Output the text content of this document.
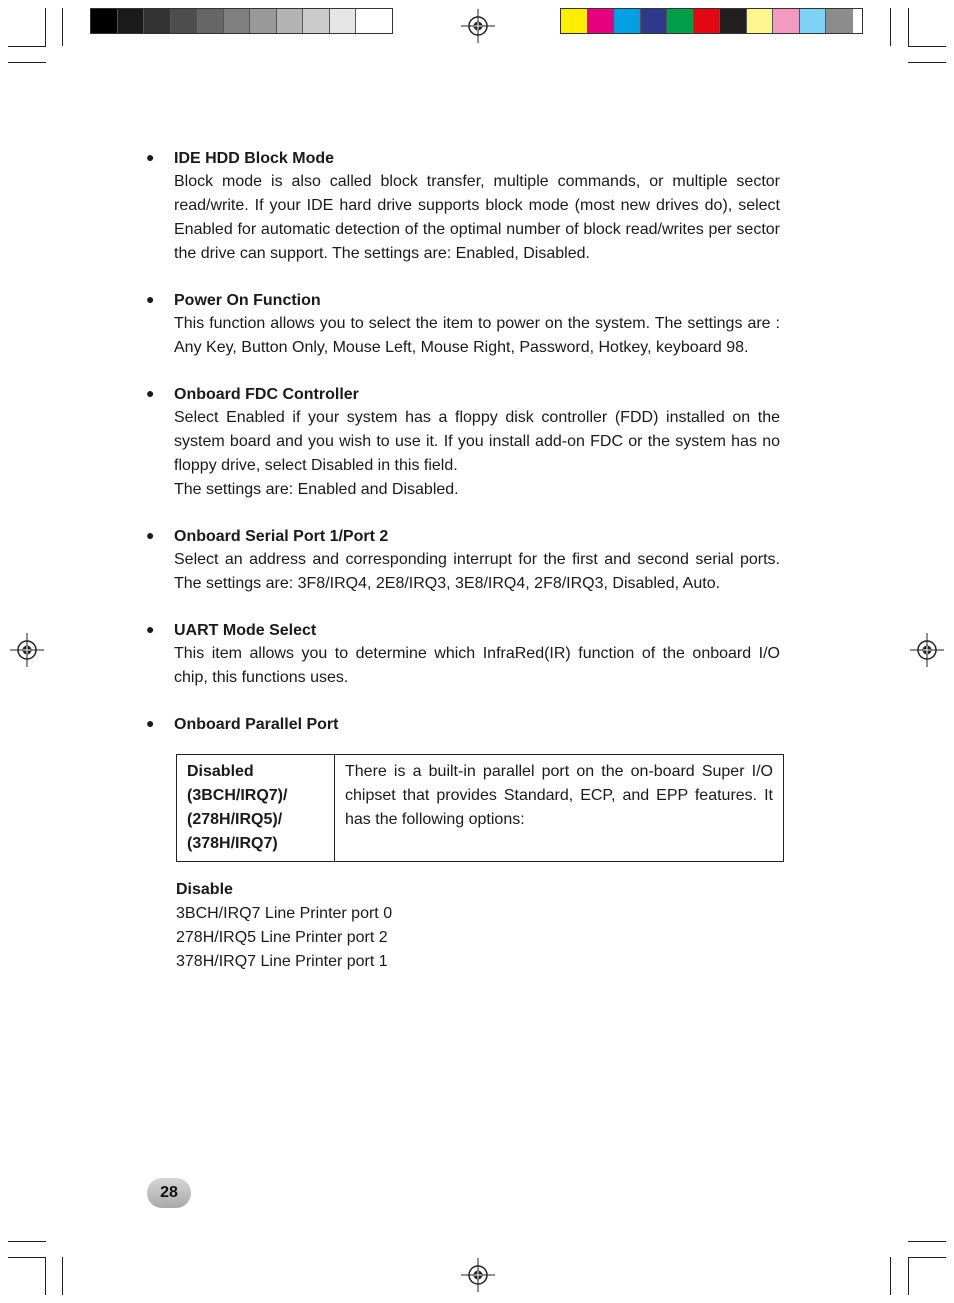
● IDE HDD Block Mode

Block mode is also called block transfer, multiple commands, or multiple sector read/write. If your IDE hard drive supports block mode (most new drives do), select Enabled for automatic detection of the optimal number of block read/writes per sector the drive can support. The settings are: Enabled, Disabled.

● Power On Function

This function allows you to select the item to power on the system. The settings are : Any Key, Button Only, Mouse Left, Mouse Right, Password, Hotkey, keyboard 98.

● Onboard FDC Controller

Select Enabled if your system has a floppy disk controller (FDD) installed on the system board and you wish to use it. If you install add-on FDC or the system has no floppy drive, select Disabled in this field.

The settings are: Enabled and Disabled.

● Onboard Serial Port 1/Port 2

Select an address and corresponding interrupt for the first and second serial ports. The settings are: 3F8/IRQ4, 2E8/IRQ3, 3E8/IRQ4, 2F8/IRQ3, Disabled, Auto.

● UART Mode Select

This item allows you to determine which InfraRed(IR) function of the onboard I/O chip, this functions uses.

● Onboard Parallel Port
Disabled
(3BCH/IRQ7)/
(278H/IRQ5)/
(378H/IRQ7)
	There is a built-in parallel port on the on-board Super I/O chipset that provides Standard, ECP, and EPP features. It has the following options:
Disable
3BCH/IRQ7 Line Printer port 0
278H/IRQ5 Line Printer port 2
378H/IRQ7 Line Printer port 1
28
